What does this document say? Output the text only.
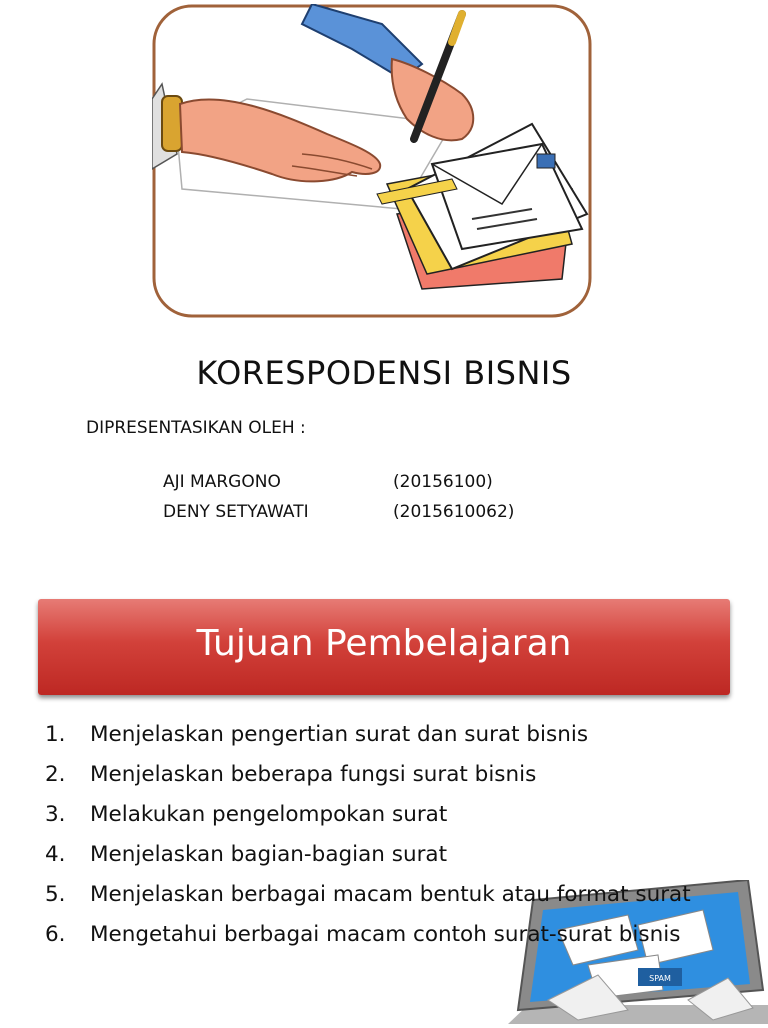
KORESPODENSI BISNIS
DIPRESENTASIKAN OLEH :
AJI MARGONO	(20156100)
DENY SETYAWATI	(2015610062)
Tujuan Pembelajaran
SPAM
1. Menjelaskan pengertian surat dan surat bisnis
2. Menjelaskan beberapa fungsi surat bisnis
3. Melakukan pengelompokan surat
4. Menjelaskan bagian-bagian surat
5. Menjelaskan berbagai macam bentuk atau format surat
6. Mengetahui berbagai macam contoh surat-surat bisnis
